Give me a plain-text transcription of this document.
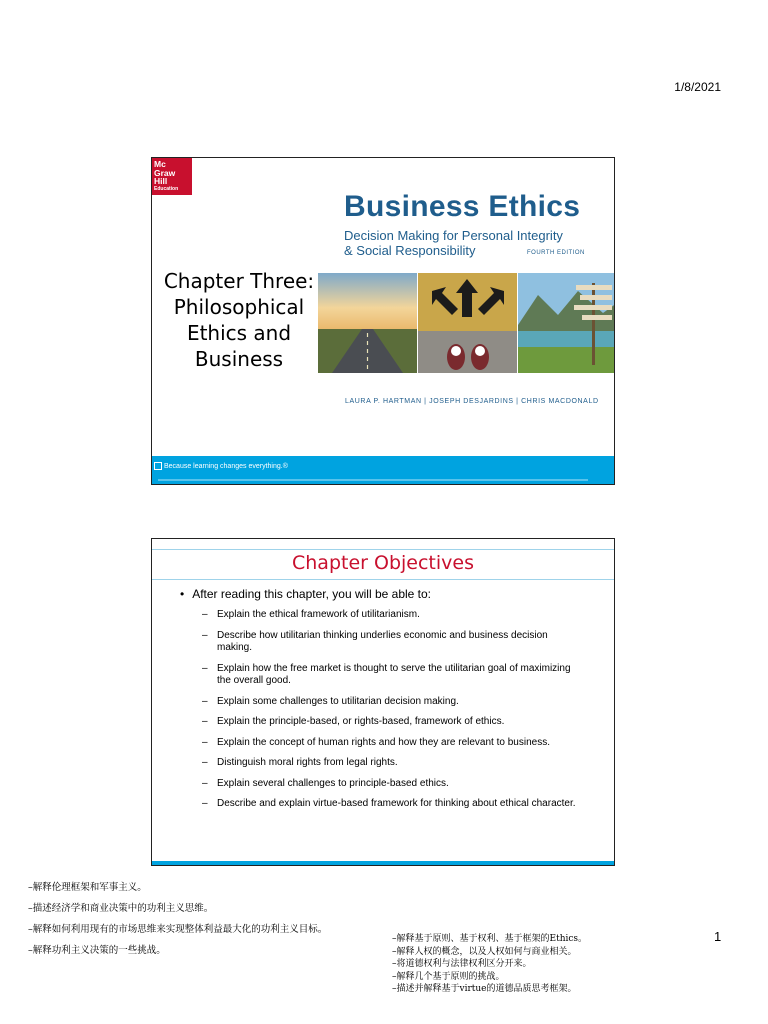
1/8/2021
Mc
Graw
Hill
Education
Chapter Three: Philosophical Ethics and Business
Business Ethics
Decision Making for Personal Integrity
& Social Responsibility	FOURTH EDITION
LAURA P. HARTMAN | JOSEPH DESJARDINS | CHRIS MACDONALD
Because learning changes everything.®
Chapter Objectives
• After reading this chapter, you will be able to:
– Explain the ethical framework of utilitarianism.
– Describe how utilitarian thinking underlies economic and business decision making.
– Explain how the free market is thought to serve the utilitarian goal of maximizing the overall good.
– Explain some challenges to utilitarian decision making.
– Explain the principle-based, or rights-based, framework of ethics.
– Explain the concept of human rights and how they are relevant to business.
– Distinguish moral rights from legal rights.
– Explain several challenges to principle-based ethics.
– Describe and explain virtue-based framework for thinking about ethical character.
–解释伦理框架和军事主义。
–描述经济学和商业决策中的功利主义思维。
–解释如何利用现有的市场思维来实现整体利益最大化的功利主义目标。
–解释功利主义决策的一些挑战。
–解释基于原则、基于权利、基于框架的Ethics。
–解释人权的概念，以及人权如何与商业相关。
–将道德权利与法律权利区分开来。
–解释几个基于原则的挑战。
–描述并解释基于virtue的道德品质思考框架。
1
